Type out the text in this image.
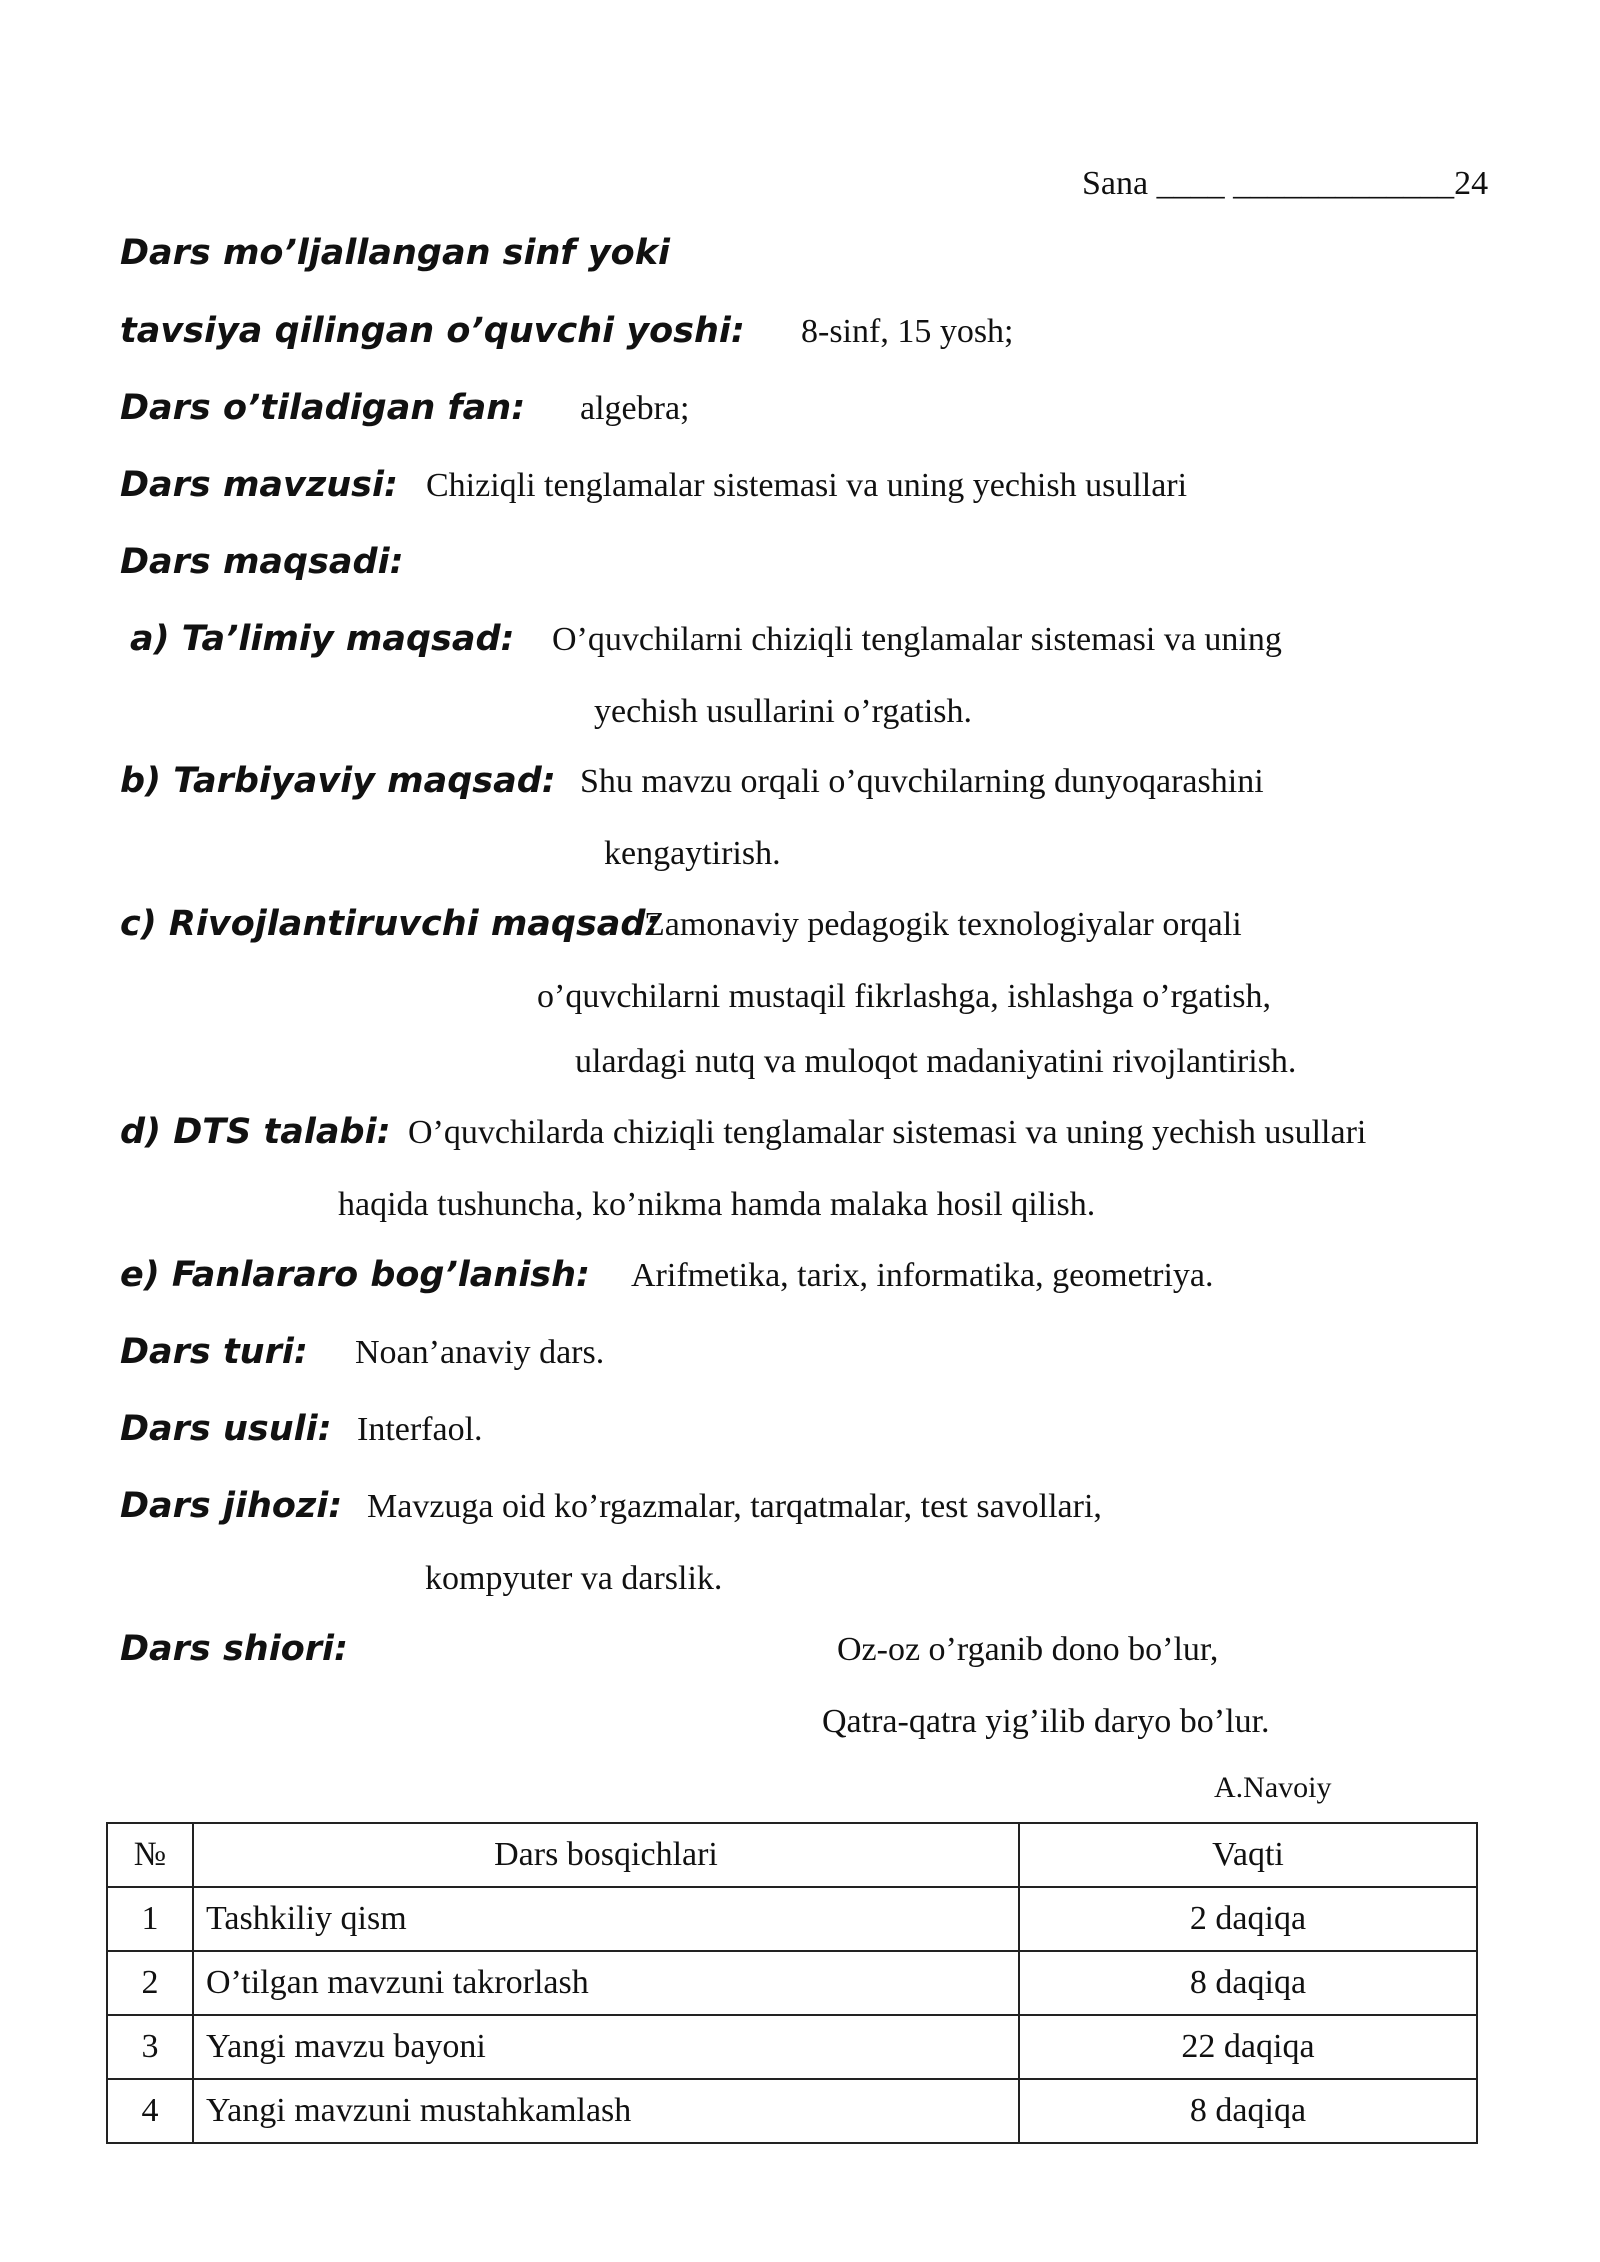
Sana ____ _____________24
Dars mo’ljallangan sinf yoki
tavsiya qilingan o’quvchi yoshi: 8-sinf, 15 yosh;
Dars o’tiladigan fan: algebra;
Dars mavzusi: Chiziqli tenglamalar sistemasi va uning yechish usullari
Dars maqsadi:
a) Ta’limiy maqsad: O’quvchilarni chiziqli tenglamalar sistemasi va uning
yechish usullarini o’rgatish.
b) Tarbiyaviy maqsad: Shu mavzu orqali o’quvchilarning dunyoqarashini
kengaytirish.
c) Rivojlantiruvchi maqsad:
Zamonaviy pedagogik texnologiyalar orqali
o’quvchilarni mustaqil fikrlashga, ishlashga o’rgatish,
ulardagi nutq va muloqot madaniyatini rivojlantirish.
d) DTS talabi: O’quvchilarda chiziqli tenglamalar sistemasi va uning yechish usullari
haqida tushuncha, ko’nikma hamda malaka hosil qilish.
e) Fanlararo bog’lanish: Arifmetika, tarix, informatika, geometriya.
Dars turi: Noan’anaviy dars.
Dars usuli: Interfaol.
Dars jihozi: Mavzuga oid ko’rgazmalar, tarqatmalar, test savollari,
kompyuter va darslik.
Dars shiori:	Oz-oz o’rganib dono bo’lur,
Qatra-qatra yig’ilib daryo bo’lur.
A.Navoiy
№	Dars bosqichlari	Vaqti
1	Tashkiliy qism	2 daqiqa
2	O’tilgan mavzuni takrorlash	8 daqiqa
3	Yangi mavzu bayoni	22 daqiqa
4	Yangi mavzuni mustahkamlash	8 daqiqa
